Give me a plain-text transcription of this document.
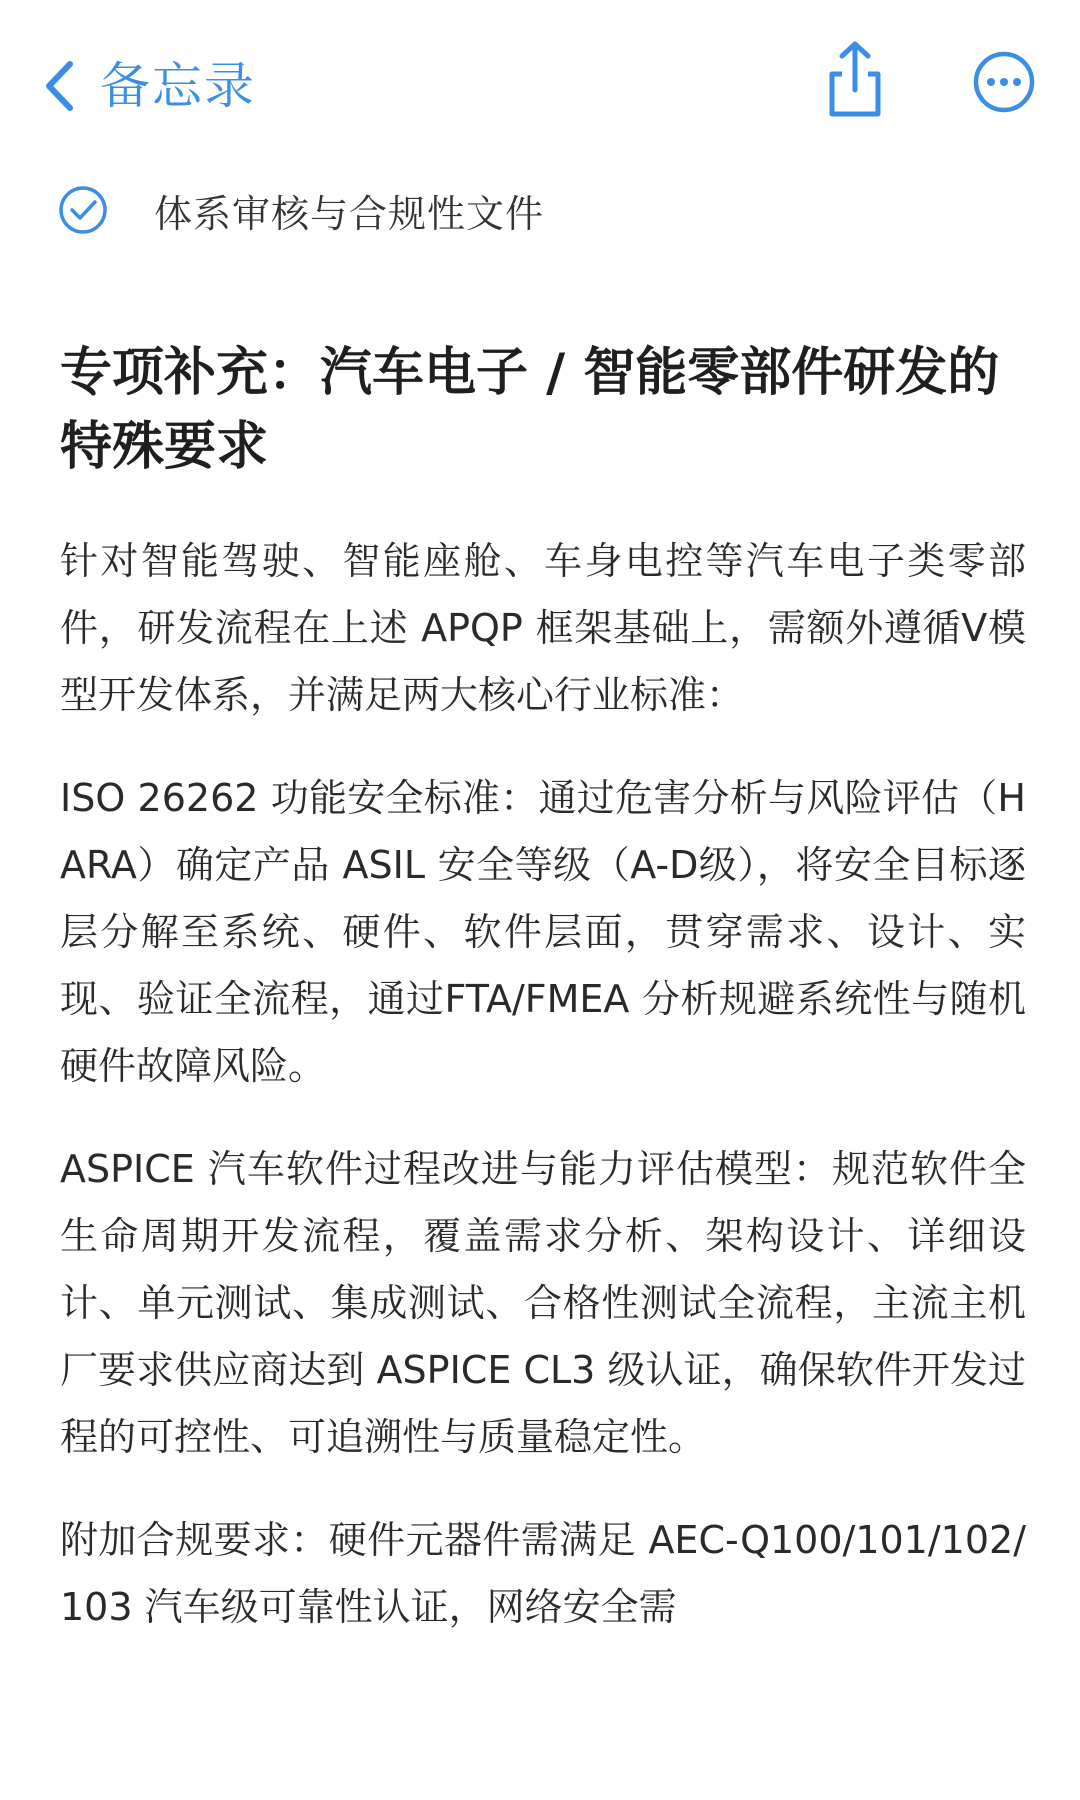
备忘录
体系审核与合规性文件
专项补充：汽车电子 / 智能零部件研发的特殊要求

针对智能驾驶、智能座舱、车身电控等汽车电子类零部件，研发流程在上述 APQP 框架基础上，需额外遵循V模型开发体系，并满足两大核心行业标准：

ISO 26262 功能安全标准：通过危害分析与风险评估（HARA）确定产品 ASIL 安全等级（A-D级），将安全目标逐层分解至系统、硬件、软件层面，贯穿需求、设计、实现、验证全流程，通过FTA/FMEA 分析规避系统性与随机硬件故障风险。

ASPICE 汽车软件过程改进与能力评估模型：规范软件全生命周期开发流程，覆盖需求分析、架构设计、详细设计、单元测试、集成测试、合格性测试全流程，主流主机厂要求供应商达到 ASPICE CL3 级认证，确保软件开发过程的可控性、可追溯性与质量稳定性。

附加合规要求：硬件元器件需满足 AEC-Q100/101/102/103 汽车级可靠性认证，网络安全需
